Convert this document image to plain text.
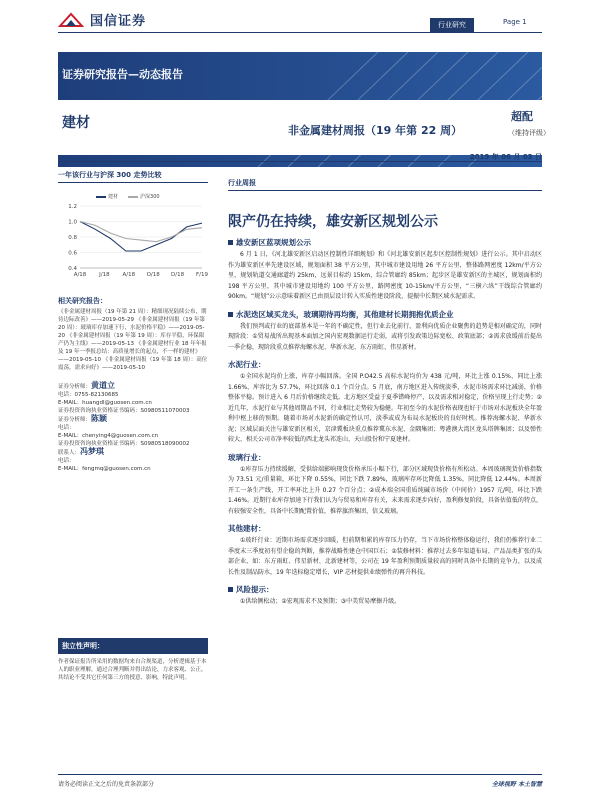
国信证券	行业研究	Page 1
证券研究报告—动态报告
建材	非金属建材周报（19 年第 22 周）
超配
（维持评级）
2019 年 06 月 03 日
一年该行业与沪深 300 走势比较
建材	沪深300
0.4
0.6
0.8
1.0
1.2
A/18 J/18 A/18 O/18 D/18 F/19
相关研究报告：
《非金属建材周报（19 年第 21 周）：精细现况陆续公布，期待边际改善》——2019-05-29 《非金属建材周报（19 年第 20 周）：玻璃库存加速下行，水泥价格平稳》——2019-05-20 《非金属建材周报（19 年第 19 周）：库存平稳，环保限产仍为主线》——2019-05-13 《非金属建材行业 18 年年报及 19 年一季报总结：高质量增长的起点，不一样的建材》——2019-05-10 《非金属建材周报（19 年第 18 周）：高位震荡，需求向好》——2019-05-10
证券分析师：黄道立
电话：0755-82130685
E-MAIL：huangdl@guosen.com.cn
证券投资咨询执业资格证书编码：S0980511070003
证券分析师：陈颖
电话：
E-MAIL：chenying4@guosen.com.cn
证券投资咨询执业资格证书编码：S0980518090002
联系人：冯梦琪
电话：
E-MAIL：fengmq@guosen.com.cn
独立性声明：
作者保证报告所采用的数据均来自合规渠道，分析逻辑基于本人的职业理解，通过合理判断并得出结论，力求客观、公正，其结论不受其它任何第三方的授意、影响，特此声明。
行业周报
限产仍在持续，雄安新区规划公示
雄安新区蓝项规划公示
6 月 1 日，《河北雄安新区启动区控制性详细规划》和《河北雄安新区起步区控制性规划》进行公示。其中启动区作为雄安新区率先建设区域，规划面积 38 平方公里，其中城市建设用地 26 平方公里，整体路网密度 12km/平方公里，规划轨道交通廊道约 25km，远景目标约 15km，综合管廊约 85km；起步区是雄安新区的主城区，规划面积约 198 平方公里，其中城市建设用地约 100 平方公里，路网密度 10-15km/平方公里，“三横六纵”干线综合管廊约 90km。“规划”公示意味着新区已由顶层设计转入实质性建设阶段，提振中长期区域水泥需求。
水泥迭区域买龙头，玻璃期待再均衡，其他建材长期拥抱优质企业
我们预判或行业的底部基本是一年的不确定性，但行业去化前行，盈利向优质企业聚焦的趋势是相对确定的，同时现阶段：①贸易战所出现基本面加之国内宏观数据运行走弱，或将引发政策边际宽松、政策底部；②需求放缓前后提出一季企稳，现阶段重点推荐海螺水泥、华新水泥、东方雨虹、伟星新材。
水泥行业：
①全国水泥均价上涨，库存小幅回落。全国 P.O42.5 高标水泥均价为 438 元/吨，环比上涨 0.15%，同比上涨 1.66%，库容比为 57.7%，环比回落 0.1 个百分点。5 月底，南方地区进入传统淡季，水泥市场需求环比减弱，价格整体平稳。预计进入 6 月后价格继续走低。北方地区受益于夏季错峰停产，以及需求相对稳定，价格呈现上行走势；②近几年，水泥行业与其他周期品不同，行业相比走势较为稳健。年初至今的水泥价格表现也好于市场对水泥板块全年盈利中枢上移的预期。随着市场对水泥新的确定性认可，淡季或成为布局水泥板块的良好时机。推荐海螺水泥、华新水泥；区域层面关注与雄安新区相关，京津冀板块重点推荐冀东水泥、金隅集团；粤港澳大湾区龙头塔牌集团；以及弹性较大、相关公司市净率较低的西北龙头祁连山、天山股份和宁夏建材。
玻璃行业：
①库存压力持续缓解，受供给端影响现货价格承压小幅下行，部分区域现货价格有所松动。本周玻璃现货价格指数为 73.51 元/重量箱，环比下降 0.55%，同比下跌 7.89%，玻璃库存环比降低 1.35%，同比降低 12.44%。本周新开工一条生产线，开工率环比上升 0.27 个百分点；②成本端全国重质纯碱市场价（中间价）1957 元/吨，环比下跌 1.46%。近期行业库存加速下行我们认为与贸易和库存有关，未来需求逐步向好，盈利修复阶段，具备估值低的特点，有较强安全性，具备中长期配置价值，推荐旗滨集团、信义玻璃。
其他建材：
①玻纤行业：近期市场需求逐步回暖，但前期和累的库存压力仍存，当下市场价格整体稳运行，我们仍推荐行业二季度末三季度初有望企稳的判断，推荐战略性建仓中国巨石；②装修材料：推荐过去多年渠道布局、产品品类扩张的头部企业，如：东方雨虹、伟星新材、北新建材等，公司在 19 年盈利预期质量较高的同时具备中长期的竞争力，以及成长性及制品防水，19 年迭标稳定增长，VIP 芯材提供业绩弹性的再升科技。
风险提示：
①供给侧松动；②宏观需求不及预期；③中美贸易摩擦升级。
请务必阅读正文之后的免责条款部分	全球视野 本土智慧
